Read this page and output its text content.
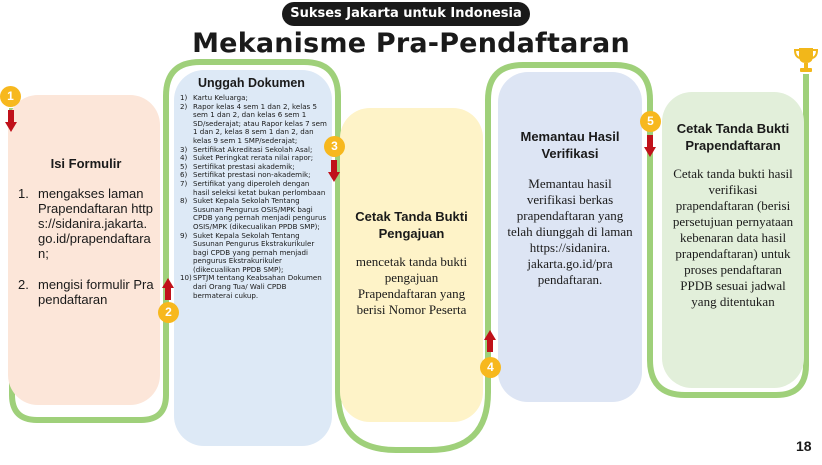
Sukses Jakarta untuk Indonesia
Mekanisme Pra-Pendaftaran
Isi Formulir
1. mengakses laman Prapendaftaran https://sidanira.jakarta.go.id/prapendaftaran;
2. mengisi formulir Prapendaftaran
Unggah Dokumen
1) Kartu Keluarga;
2) Rapor kelas 4 sem 1 dan 2, kelas 5 sem 1 dan 2, dan kelas 6 sem 1 SD/sederajat; atau Rapor kelas 7 sem 1 dan 2, kelas 8 sem 1 dan 2, dan kelas 9 sem 1 SMP/sederajat;
3) Sertifikat Akreditasi Sekolah Asal;
4) Suket Peringkat rerata nilai rapor;
5) Sertifikat prestasi akademik;
6) Sertifikat prestasi non-akademik;
7) Sertifikat yang diperoleh dengan hasil seleksi ketat bukan perlombaan
8) Suket Kepala Sekolah Tentang Susunan Pengurus OSIS/MPK bagi CPDB yang pernah menjadi pengurus OSIS/MPK (dikecualikan PPDB SMP);
9) Suket Kepala Sekolah Tentang Susunan Pengurus Ekstrakurikuler bagi CPDB yang pernah menjadi pengurus Ekstrakurikuler (dikecualikan PPDB SMP);
10) SPTJM tentang Keabsahan Dokumen dari Orang Tua/ Wali CPDB bermaterai cukup.
Cetak Tanda Bukti Pengajuan

mencetak tanda bukti pengajuan Prapendaftaran yang berisi Nomor Peserta

Memantau Hasil Verifikasi

Memantau hasil verifikasi berkas prapendaftaran yang telah diunggah di laman https://sidanira. jakarta.go.id/pra pendaftaran.

Cetak Tanda Bukti Prapendaftaran

Cetak tanda bukti hasil verifikasi prapendaftaran (berisi persetujuan pernyataan kebenaran data hasil prapendaftaran) untuk proses pendaftaran PPDB sesuai jadwal yang ditentukan

1
2
3
4
5
18
